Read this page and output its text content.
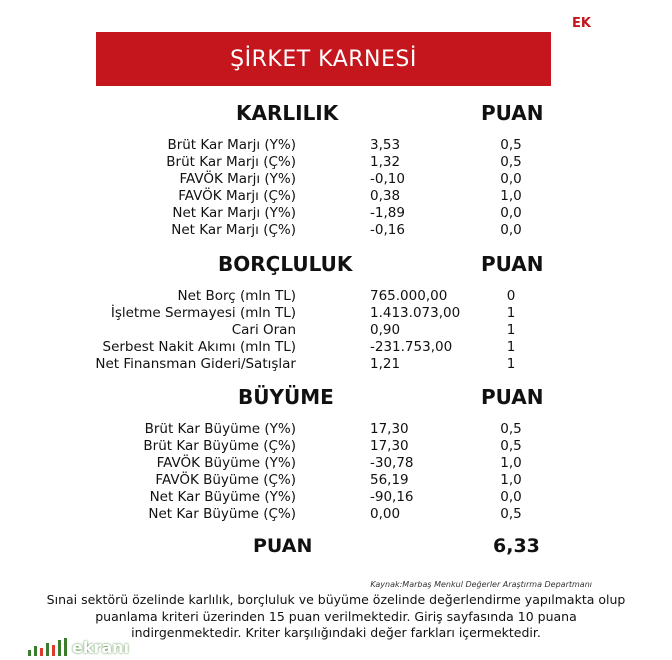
EK
ŞİRKET KARNESİ
KARLILIK	PUAN
Brüt Kar Marjı (Y%)	3,53	0,5
Brüt Kar Marjı (Ç%)	1,32	0,5
FAVÖK Marjı (Y%)	-0,10	0,0
FAVÖK Marjı (Ç%)	0,38	1,0
Net Kar Marjı (Y%)	-1,89	0,0
Net Kar Marjı (Ç%)	-0,16	0,0
BORÇLULUK	PUAN
Net Borç (mln TL)	765.000,00	0
İşletme Sermayesi (mln TL)	1.413.073,00	1
Cari Oran	0,90	1
Serbest Nakit Akımı (mln TL)	-231.753,00	1
Net Finansman Gideri/Satışlar	1,21	1
BÜYÜME	PUAN
Brüt Kar Büyüme (Y%)	17,30	0,5
Brüt Kar Büyüme (Ç%)	17,30	0,5
FAVÖK Büyüme (Y%)	-30,78	1,0
FAVÖK Büyüme (Ç%)	56,19	1,0
Net Kar Büyüme (Y%)	-90,16	0,0
Net Kar Büyüme (Ç%)	0,00	0,5
PUAN	6,33
Kaynak:Marbaş Menkul Değerler Araştırma Departmanı
Sınai sektörü özelinde karlılık, borçluluk ve büyüme özelinde değerlendirme yapılmakta olup puanlama kriteri üzerinden 15 puan verilmektedir. Giriş sayfasında 10 puana indirgenmektedir. Kriter karşılığındaki değer farkları içermektedir.
ekranı
